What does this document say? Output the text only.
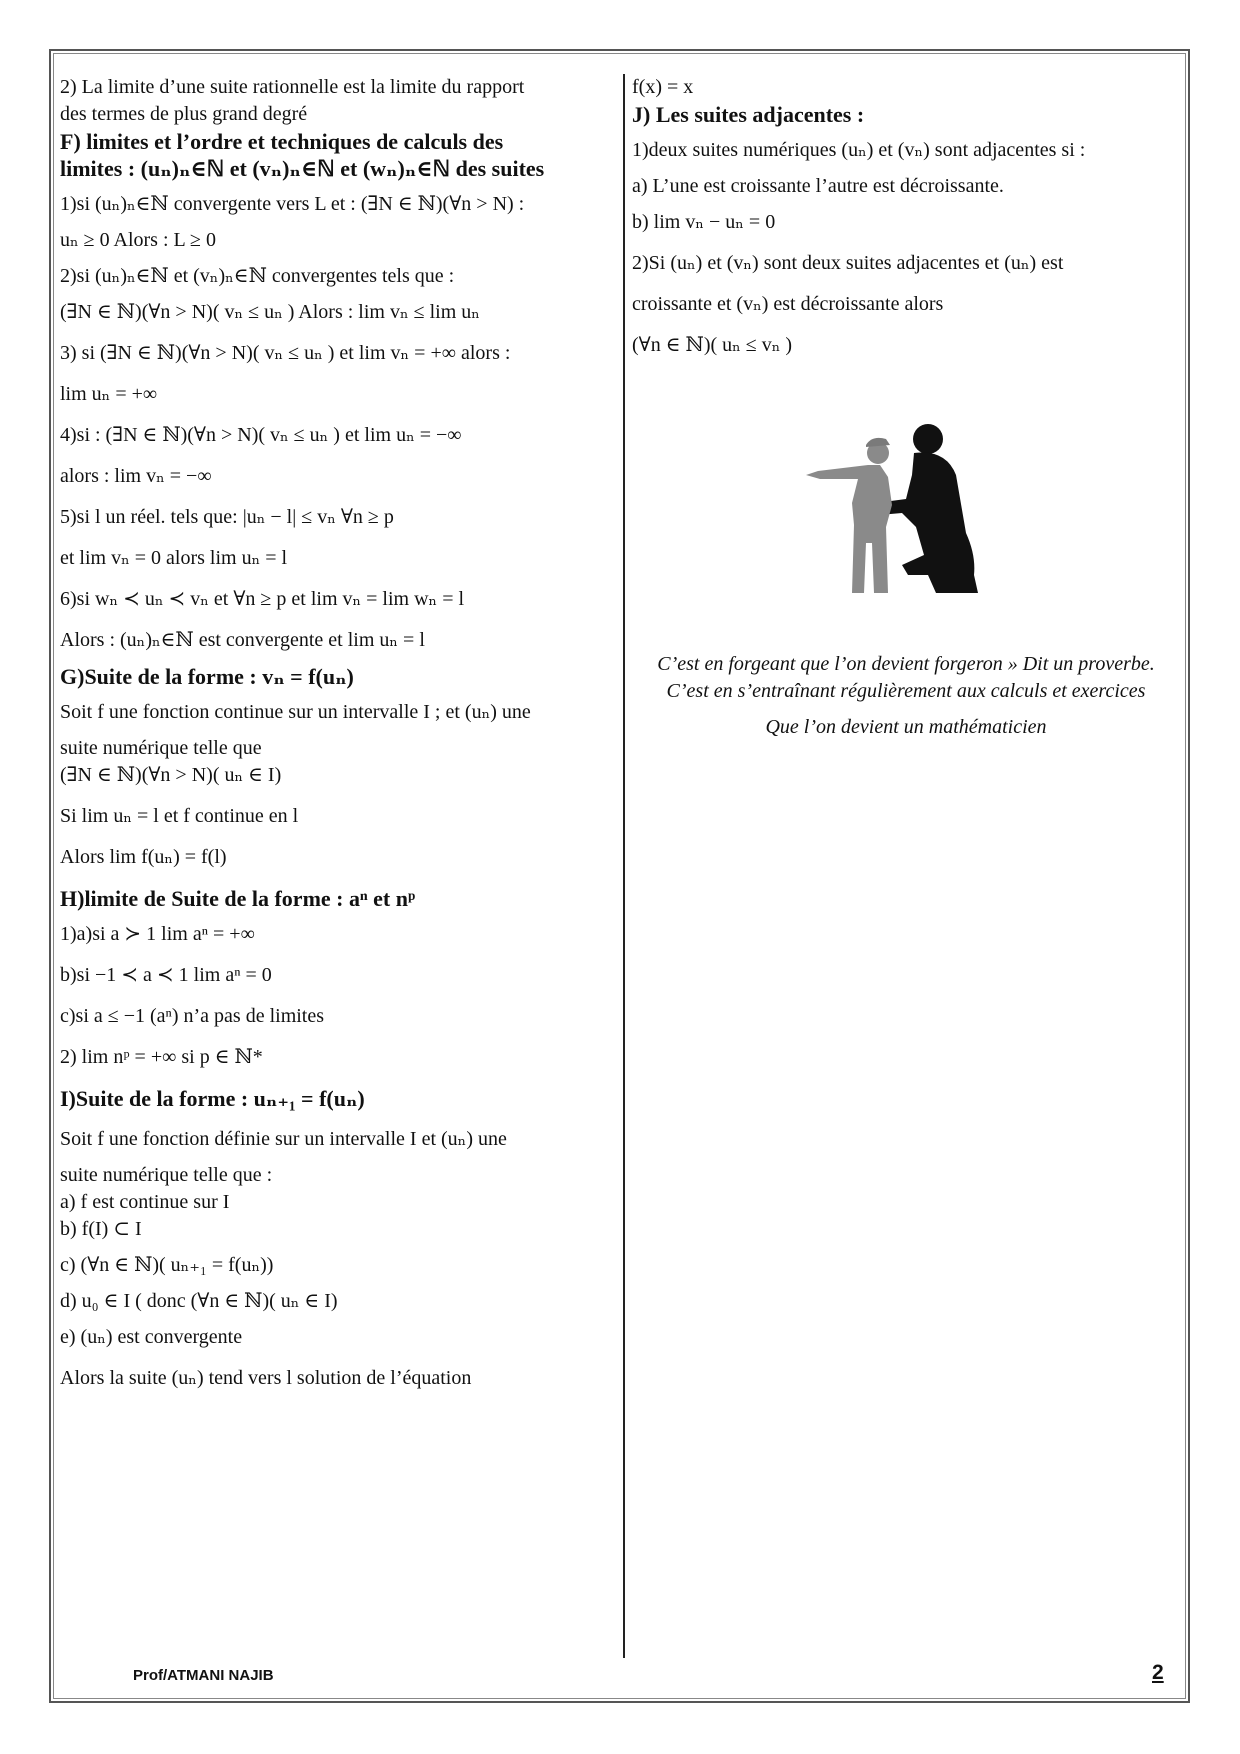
2) La limite d’une suite rationnelle est la limite du rapport

des termes de plus grand degré

F) limites et l’ordre et techniques de calculs des

limites : (uₙ)ₙ∈ℕ et (vₙ)ₙ∈ℕ et (wₙ)ₙ∈ℕ des suites

1)si (uₙ)ₙ∈ℕ convergente vers L et : (∃N ∈ ℕ)(∀n > N) :

uₙ ≥ 0 Alors : L ≥ 0

2)si (uₙ)ₙ∈ℕ et (vₙ)ₙ∈ℕ convergentes tels que :

(∃N ∈ ℕ)(∀n > N)( vₙ ≤ uₙ ) Alors : lim vₙ ≤ lim uₙ

3) si (∃N ∈ ℕ)(∀n > N)( vₙ ≤ uₙ ) et lim vₙ = +∞ alors :

lim uₙ = +∞

4)si : (∃N ∈ ℕ)(∀n > N)( vₙ ≤ uₙ ) et lim uₙ = −∞

alors : lim vₙ = −∞

5)si l un réel. tels que: |uₙ − l| ≤ vₙ ∀n ≥ p

et lim vₙ = 0 alors lim uₙ = l

6)si wₙ ≺ uₙ ≺ vₙ et ∀n ≥ p et lim vₙ = lim wₙ = l

Alors : (uₙ)ₙ∈ℕ est convergente et lim uₙ = l

G)Suite de la forme : vₙ = f(uₙ)

Soit f une fonction continue sur un intervalle I ; et (uₙ) une

suite numérique telle que

(∃N ∈ ℕ)(∀n > N)( uₙ ∈ I)

Si lim uₙ = l et f continue en l

Alors lim f(uₙ) = f(l)

H)limite de Suite de la forme : aⁿ et nᵖ

1)a)si a ≻ 1 lim aⁿ = +∞

b)si −1 ≺ a ≺ 1 lim aⁿ = 0

c)si a ≤ −1 (aⁿ) n’a pas de limites

2) lim nᵖ = +∞ si p ∈ ℕ*

I)Suite de la forme : uₙ₊₁ = f(uₙ)

Soit f une fonction définie sur un intervalle I et (uₙ) une

suite numérique telle que :

a) f est continue sur I

b) f(I) ⊂ I

c) (∀n ∈ ℕ)( uₙ₊₁ = f(uₙ))

d) u₀ ∈ I ( donc (∀n ∈ ℕ)( uₙ ∈ I)

e) (uₙ) est convergente

Alors la suite (uₙ) tend vers l solution de l’équation

f(x) = x

J) Les suites adjacentes :

1)deux suites numériques (uₙ) et (vₙ) sont adjacentes si :

a) L’une est croissante l’autre est décroissante.

b) lim vₙ − uₙ = 0

2)Si (uₙ) et (vₙ) sont deux suites adjacentes et (uₙ) est

croissante et (vₙ) est décroissante alors

(∀n ∈ ℕ)( uₙ ≤ vₙ )

C’est en forgeant que l’on devient forgeron » Dit un proverbe.

C’est en s’entraînant régulièrement aux calculs et exercices

Que l’on devient un mathématicien

Prof/ATMANI NAJIB	2
